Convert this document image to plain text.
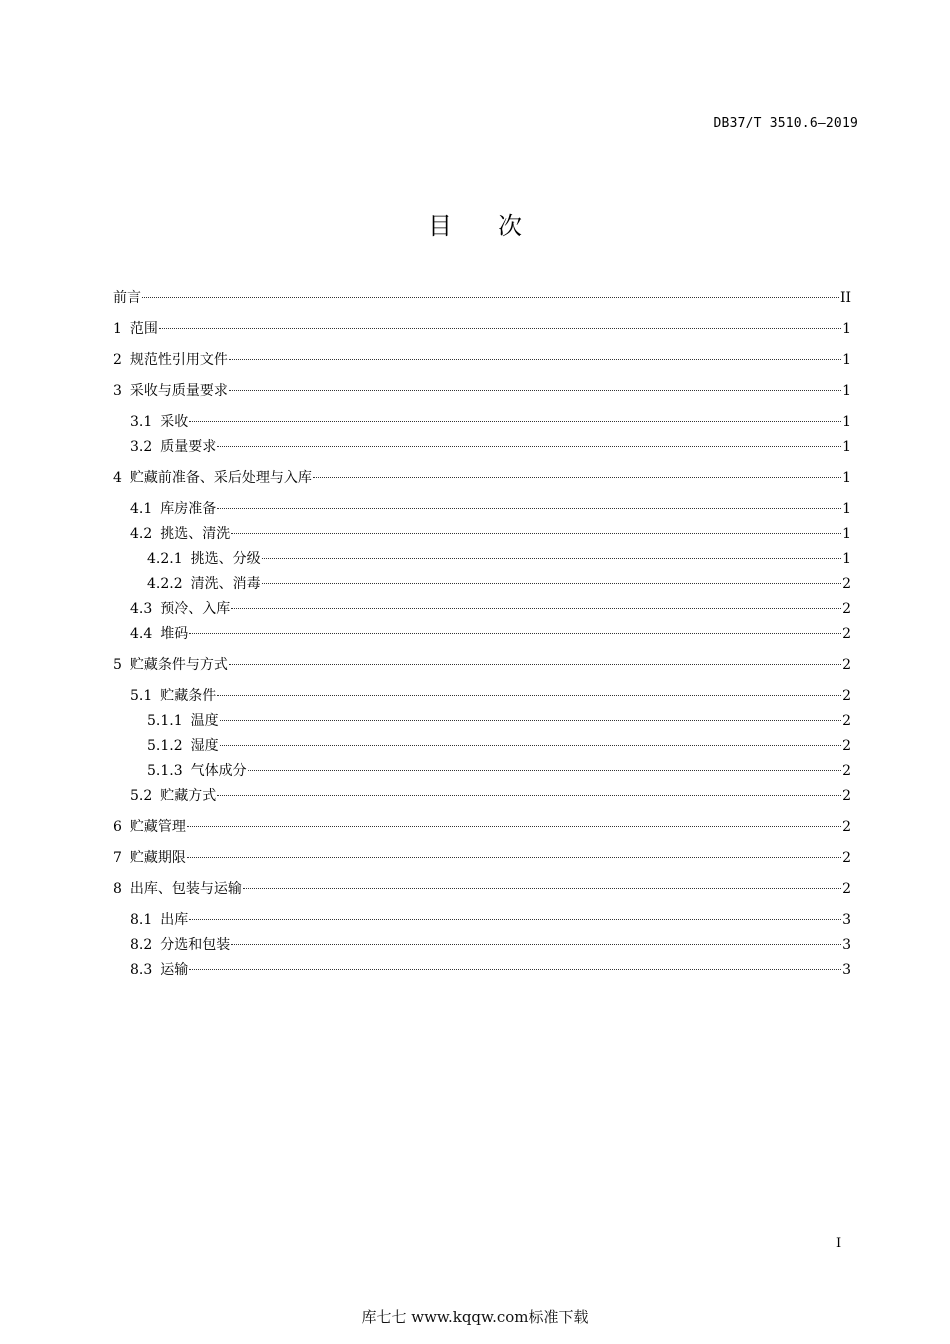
DB37/T 3510.6—2019
目次
前言	II
1 范围	1
2 规范性引用文件	1
3 采收与质量要求	1
3.1 采收	1
3.2 质量要求	1
4 贮藏前准备、采后处理与入库	1
4.1 库房准备	1
4.2 挑选、清洗	1
4.2.1 挑选、分级	1
4.2.2 清洗、消毒	2
4.3 预冷、入库	2
4.4 堆码	2
5 贮藏条件与方式	2
5.1 贮藏条件	2
5.1.1 温度	2
5.1.2 湿度	2
5.1.3 气体成分	2
5.2 贮藏方式	2
6 贮藏管理	2
7 贮藏期限	2
8 出库、包装与运输	2
8.1 出库	3
8.2 分选和包装	3
8.3 运输	3
I
库七七 www.kqqw.com标准下载
